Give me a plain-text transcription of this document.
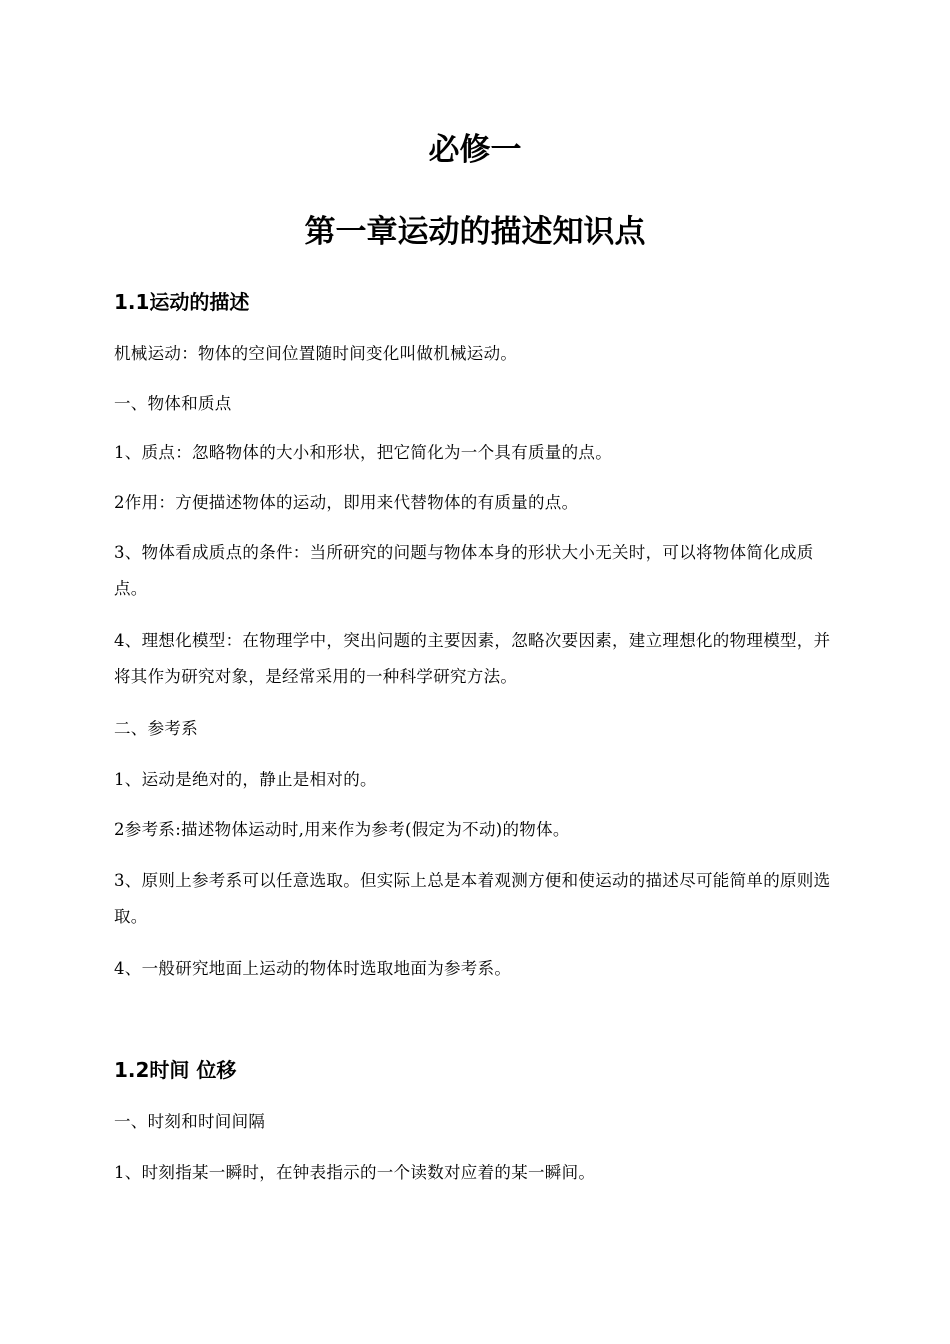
必修一
第一章运动的描述知识点
1.1运动的描述

机械运动：物体的空间位置随时间变化叫做机械运动。

一、物体和质点

1、质点：忽略物体的大小和形状，把它简化为一个具有质量的点。

2作用：方便描述物体的运动，即用来代替物体的有质量的点。

3、物体看成质点的条件：当所研究的问题与物体本身的形状大小无关时，可以将物体简化成质点。

4、理想化模型：在物理学中，突出问题的主要因素，忽略次要因素，建立理想化的物理模型，并将其作为研究对象，是经常采用的一种科学研究方法。

二、参考系

1、运动是绝对的，静止是相对的。

2参考系:描述物体运动时,用来作为参考(假定为不动)的物体。

3、原则上参考系可以任意选取。但实际上总是本着观测方便和使运动的描述尽可能简单的原则选取。

4、一般研究地面上运动的物体时选取地面为参考系。

1.2时间 位移

一、时刻和时间间隔

1、时刻指某一瞬时，在钟表指示的一个读数对应着的某一瞬间。
